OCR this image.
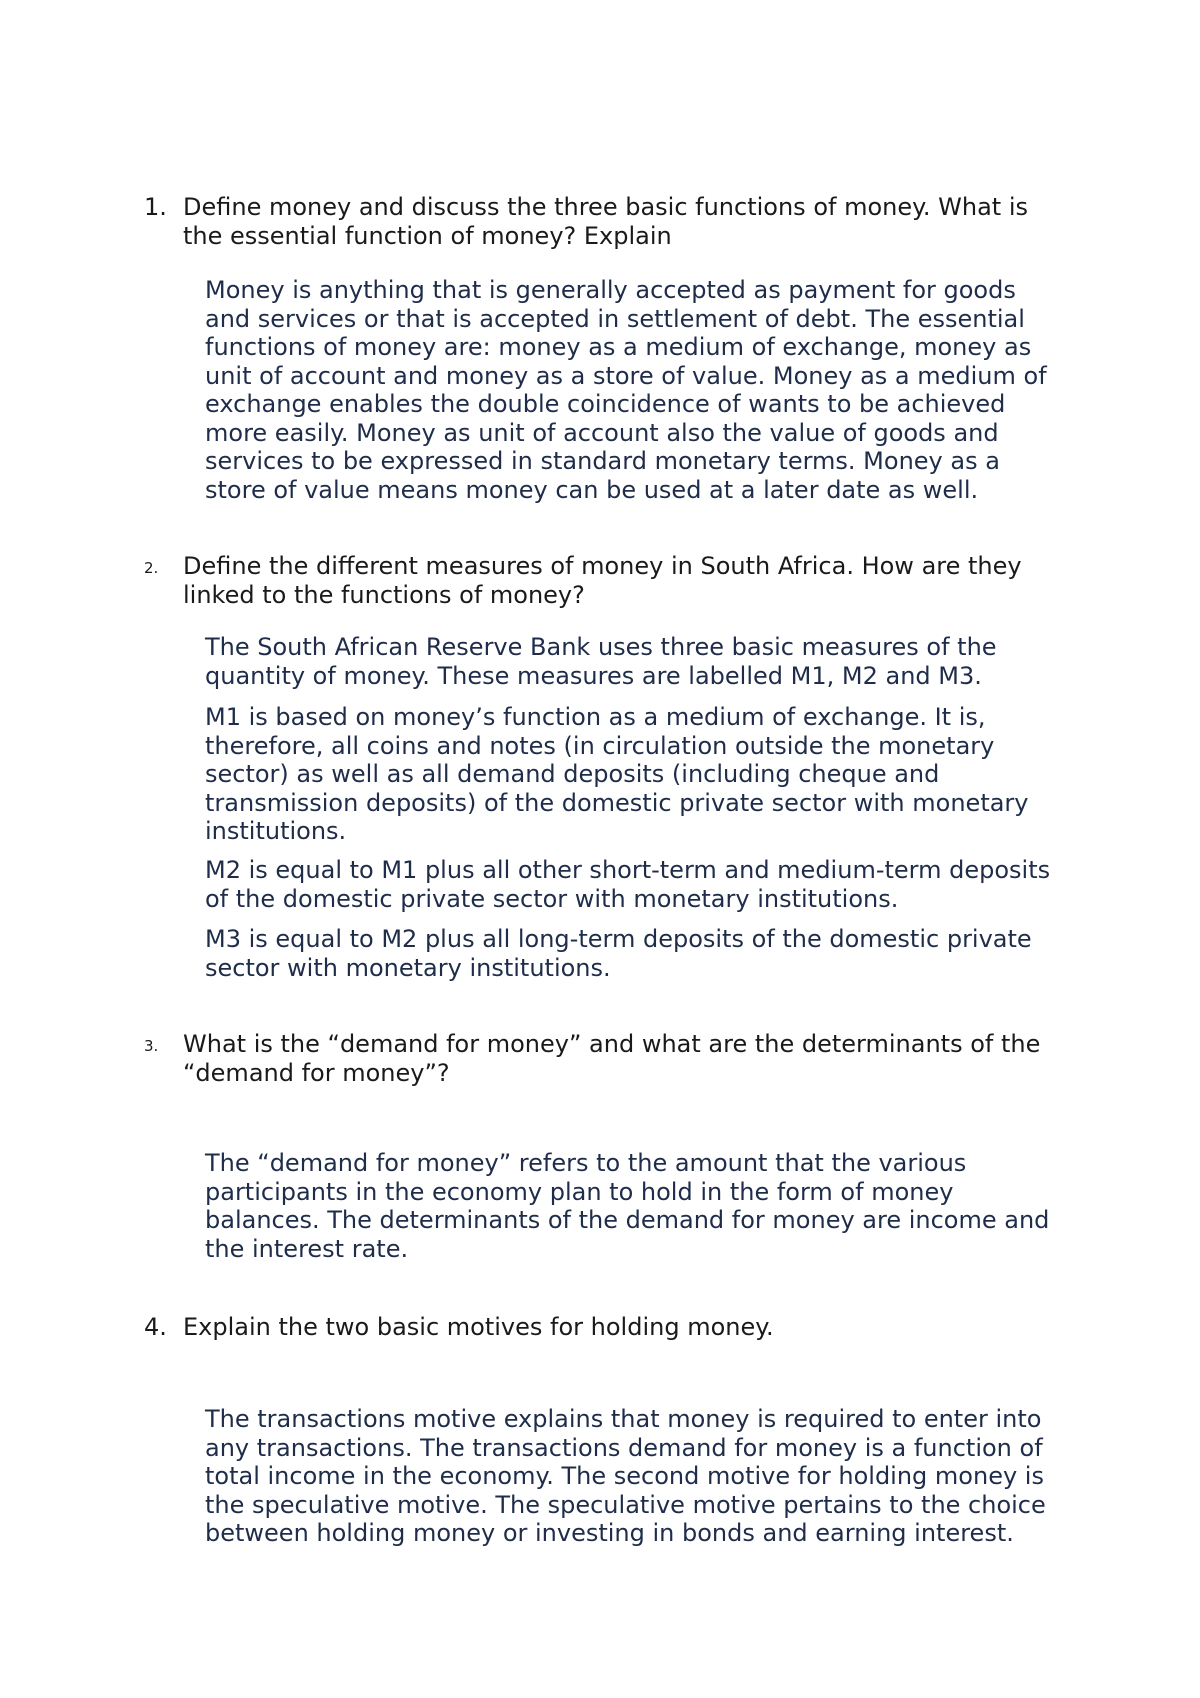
1. Define money and discuss the three basic functions of money. What is
the essential function of money? Explain

Money is anything that is generally accepted as payment for goods
and services or that is accepted in settlement of debt. The essential
functions of money are: money as a medium of exchange, money as
unit of account and money as a store of value. Money as a medium of
exchange enables the double coincidence of wants to be achieved
more easily. Money as unit of account also the value of goods and
services to be expressed in standard monetary terms. Money as a
store of value means money can be used at a later date as well.

2. Define the different measures of money in South Africa. How are they
linked to the functions of money?

The South African Reserve Bank uses three basic measures of the
quantity of money. These measures are labelled M1, M2 and M3.

M1 is based on money’s function as a medium of exchange. It is,
therefore, all coins and notes (in circulation outside the monetary
sector) as well as all demand deposits (including cheque and
transmission deposits) of the domestic private sector with monetary
institutions.

M2 is equal to M1 plus all other short-term and medium-term deposits
of the domestic private sector with monetary institutions.

M3 is equal to M2 plus all long-term deposits of the domestic private
sector with monetary institutions.

3. What is the “demand for money” and what are the determinants of the
“demand for money”?

The “demand for money” refers to the amount that the various
participants in the economy plan to hold in the form of money
balances. The determinants of the demand for money are income and
the interest rate.

4. Explain the two basic motives for holding money.

The transactions motive explains that money is required to enter into
any transactions. The transactions demand for money is a function of
total income in the economy. The second motive for holding money is
the speculative motive. The speculative motive pertains to the choice
between holding money or investing in bonds and earning interest.
